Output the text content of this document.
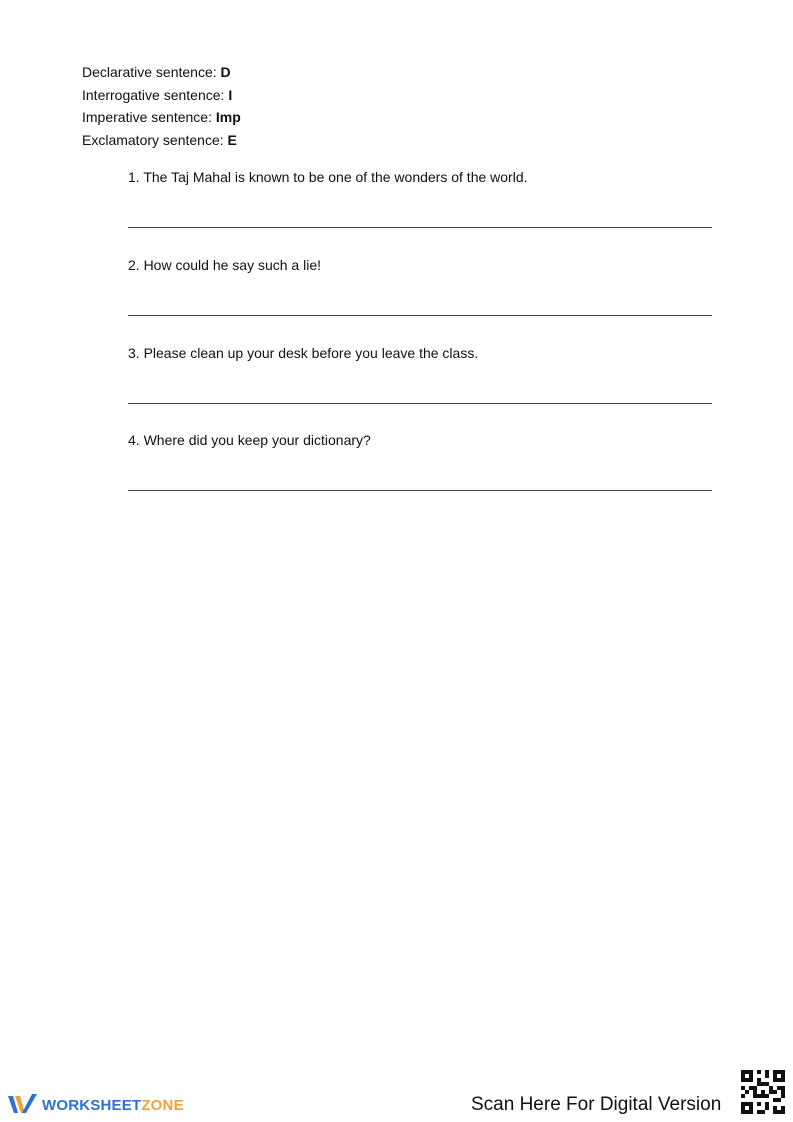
Declarative sentence: D
Interrogative sentence: I
Imperative sentence: Imp
Exclamatory sentence: E
1. The Taj Mahal is known to be one of the wonders of the world.
2. How could he say such a lie!
3. Please clean up your desk before you leave the class.
4. Where did you keep your dictionary?
WORKSHEETZONE	Scan Here For Digital Version
